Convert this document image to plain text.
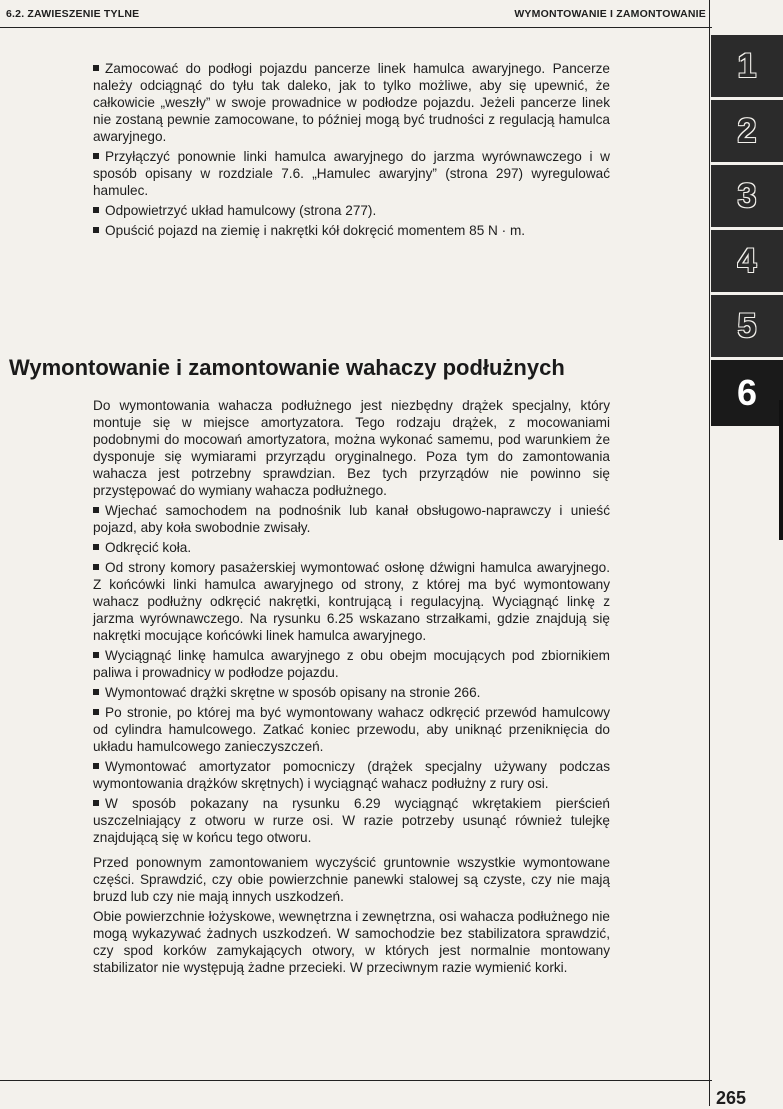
6.2. ZAWIESZENIE TYLNE	WYMONTOWANIE I ZAMONTOWANIE
1
2
3
4
5
6

Zamocować do podłogi pojazdu pancerze linek hamulca awaryjnego. Pancerze należy odciągnąć do tyłu tak daleko, jak to tylko możliwe, aby się upewnić, że całkowicie „weszły” w swoje prowadnice w podłodze pojazdu. Jeżeli pancerze linek nie zostaną pewnie zamocowane, to później mogą być trudności z regulacją hamulca awaryjnego.

Przyłączyć ponownie linki hamulca awaryjnego do jarzma wyrównawczego i w sposób opisany w rozdziale 7.6. „Hamulec awaryjny” (strona 297) wyregulować hamulec.

Odpowietrzyć układ hamulcowy (strona 277).

Opuścić pojazd na ziemię i nakrętki kół dokręcić momentem 85 N · m.

Wymontowanie i zamontowanie wahaczy podłużnych

Do wymontowania wahacza podłużnego jest niezbędny drążek specjalny, który montuje się w miejsce amortyzatora. Tego rodzaju drążek, z mocowaniami podobnymi do mocowań amortyzatora, można wykonać samemu, pod warunkiem że dysponuje się wymiarami przyrządu oryginalnego. Poza tym do zamontowania wahacza jest potrzebny sprawdzian. Bez tych przyrządów nie powinno się przystępować do wymiany wahacza podłużnego.

Wjechać samochodem na podnośnik lub kanał obsługowo-naprawczy i unieść pojazd, aby koła swobodnie zwisały.

Odkręcić koła.

Od strony komory pasażerskiej wymontować osłonę dźwigni hamulca awaryjnego. Z końcówki linki hamulca awaryjnego od strony, z której ma być wymontowany wahacz podłużny odkręcić nakrętki, kontrującą i regulacyjną. Wyciągnąć linkę z jarzma wyrównawczego. Na rysunku 6.25 wskazano strzałkami, gdzie znajdują się nakrętki mocujące końcówki linek hamulca awaryjnego.

Wyciągnąć linkę hamulca awaryjnego z obu obejm mocujących pod zbiornikiem paliwa i prowadnicy w podłodze pojazdu.

Wymontować drążki skrętne w sposób opisany na stronie 266.

Po stronie, po której ma być wymontowany wahacz odkręcić przewód hamulcowy od cylindra hamulcowego. Zatkać koniec przewodu, aby uniknąć przeniknięcia do układu hamulcowego zanieczyszczeń.

Wymontować amortyzator pomocniczy (drążek specjalny używany podczas wymontowania drążków skrętnych) i wyciągnąć wahacz podłużny z rury osi.

W sposób pokazany na rysunku 6.29 wyciągnąć wkrętakiem pierścień uszczelniający z otworu w rurze osi. W razie potrzeby usunąć również tulejkę znajdującą się w końcu tego otworu.

Przed ponownym zamontowaniem wyczyścić gruntownie wszystkie wymontowane części. Sprawdzić, czy obie powierzchnie panewki stalowej są czyste, czy nie mają bruzd lub czy nie mają innych uszkodzeń.

Obie powierzchnie łożyskowe, wewnętrzna i zewnętrzna, osi wahacza podłużnego nie mogą wykazywać żadnych uszkodzeń. W samochodzie bez stabilizatora sprawdzić, czy spod korków zamykających otwory, w których jest normalnie montowany stabilizator nie występują żadne przecieki. W przeciwnym razie wymienić korki.

265
